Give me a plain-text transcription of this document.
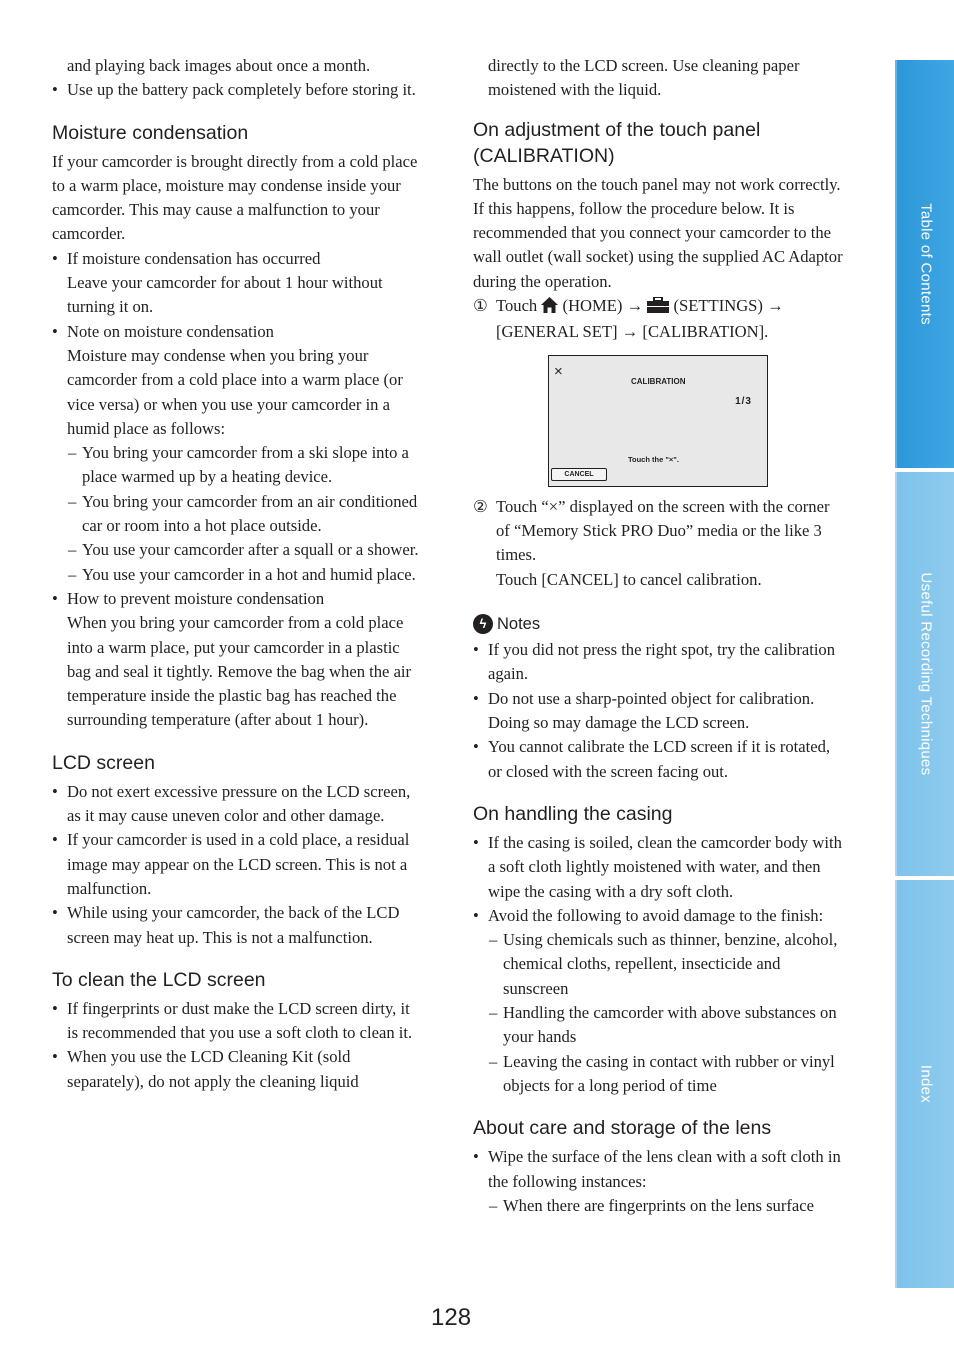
and playing back images about once a month.

• Use up the battery pack completely before storing it.

Moisture condensation

If your camcorder is brought directly from a cold place to a warm place, moisture may condense inside your camcorder. This may cause a malfunction to your camcorder.

• If moisture condensation has occurred

Leave your camcorder for about 1 hour without turning it on.

• Note on moisture condensation

Moisture may condense when you bring your camcorder from a cold place into a warm place (or vice versa) or when you use your camcorder in a humid place as follows:

– You bring your camcorder from a ski slope into a place warmed up by a heating device.

– You bring your camcorder from an air conditioned car or room into a hot place outside.

– You use your camcorder after a squall or a shower.

– You use your camcorder in a hot and humid place.

• How to prevent moisture condensation

When you bring your camcorder from a cold place into a warm place, put your camcorder in a plastic bag and seal it tightly. Remove the bag when the air temperature inside the plastic bag has reached the surrounding temperature (after about 1 hour).

LCD screen

• Do not exert excessive pressure on the LCD screen, as it may cause uneven color and other damage.

• If your camcorder is used in a cold place, a residual image may appear on the LCD screen. This is not a malfunction.

• While using your camcorder, the back of the LCD screen may heat up. This is not a malfunction.

To clean the LCD screen

• If fingerprints or dust make the LCD screen dirty, it is recommended that you use a soft cloth to clean it.

• When you use the LCD Cleaning Kit (sold separately), do not apply the cleaning liquid

directly to the LCD screen. Use cleaning paper moistened with the liquid.

On adjustment of the touch panel (CALIBRATION)

The buttons on the touch panel may not work correctly. If this happens, follow the procedure below. It is recommended that you connect your camcorder to the wall outlet (wall socket) using the supplied AC Adaptor during the operation.

① Touch (HOME) → (SETTINGS) →
[GENERAL SET] → [CALIBRATION].

×
CALIBRATION
1/3
Touch the "×".
CANCEL

② Touch “×” displayed on the screen with the corner of “Memory Stick PRO Duo” media or the like 3 times.

Touch [CANCEL] to cancel calibration.

ϟ Notes

• If you did not press the right spot, try the calibration again.

• Do not use a sharp-pointed object for calibration. Doing so may damage the LCD screen.

• You cannot calibrate the LCD screen if it is rotated, or closed with the screen facing out.

On handling the casing

• If the casing is soiled, clean the camcorder body with a soft cloth lightly moistened with water, and then wipe the casing with a dry soft cloth.

• Avoid the following to avoid damage to the finish:

– Using chemicals such as thinner, benzine, alcohol, chemical cloths, repellent, insecticide and sunscreen

– Handling the camcorder with above substances on your hands

– Leaving the casing in contact with rubber or vinyl objects for a long period of time

About care and storage of the lens

• Wipe the surface of the lens clean with a soft cloth in the following instances:

– When there are fingerprints on the lens surface

Table of Contents
Useful Recording Techniques
Index
128
